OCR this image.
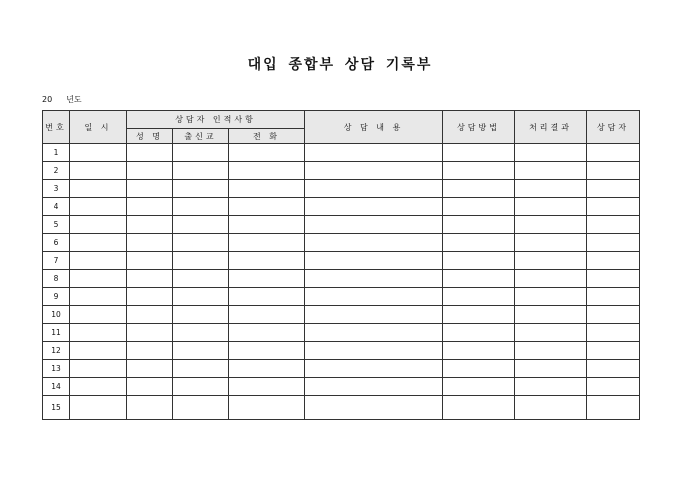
대입 종합부 상담 기록부
20 년도
번호	일 시	상담자 인적사항			상 담 내 용	상담방법	처리결과	상담자
		성 명	출신교	전 화				
1								
2								
3								
4								
5								
6								
7								
8								
9								
10								
11								
12								
13								
14								
15								
